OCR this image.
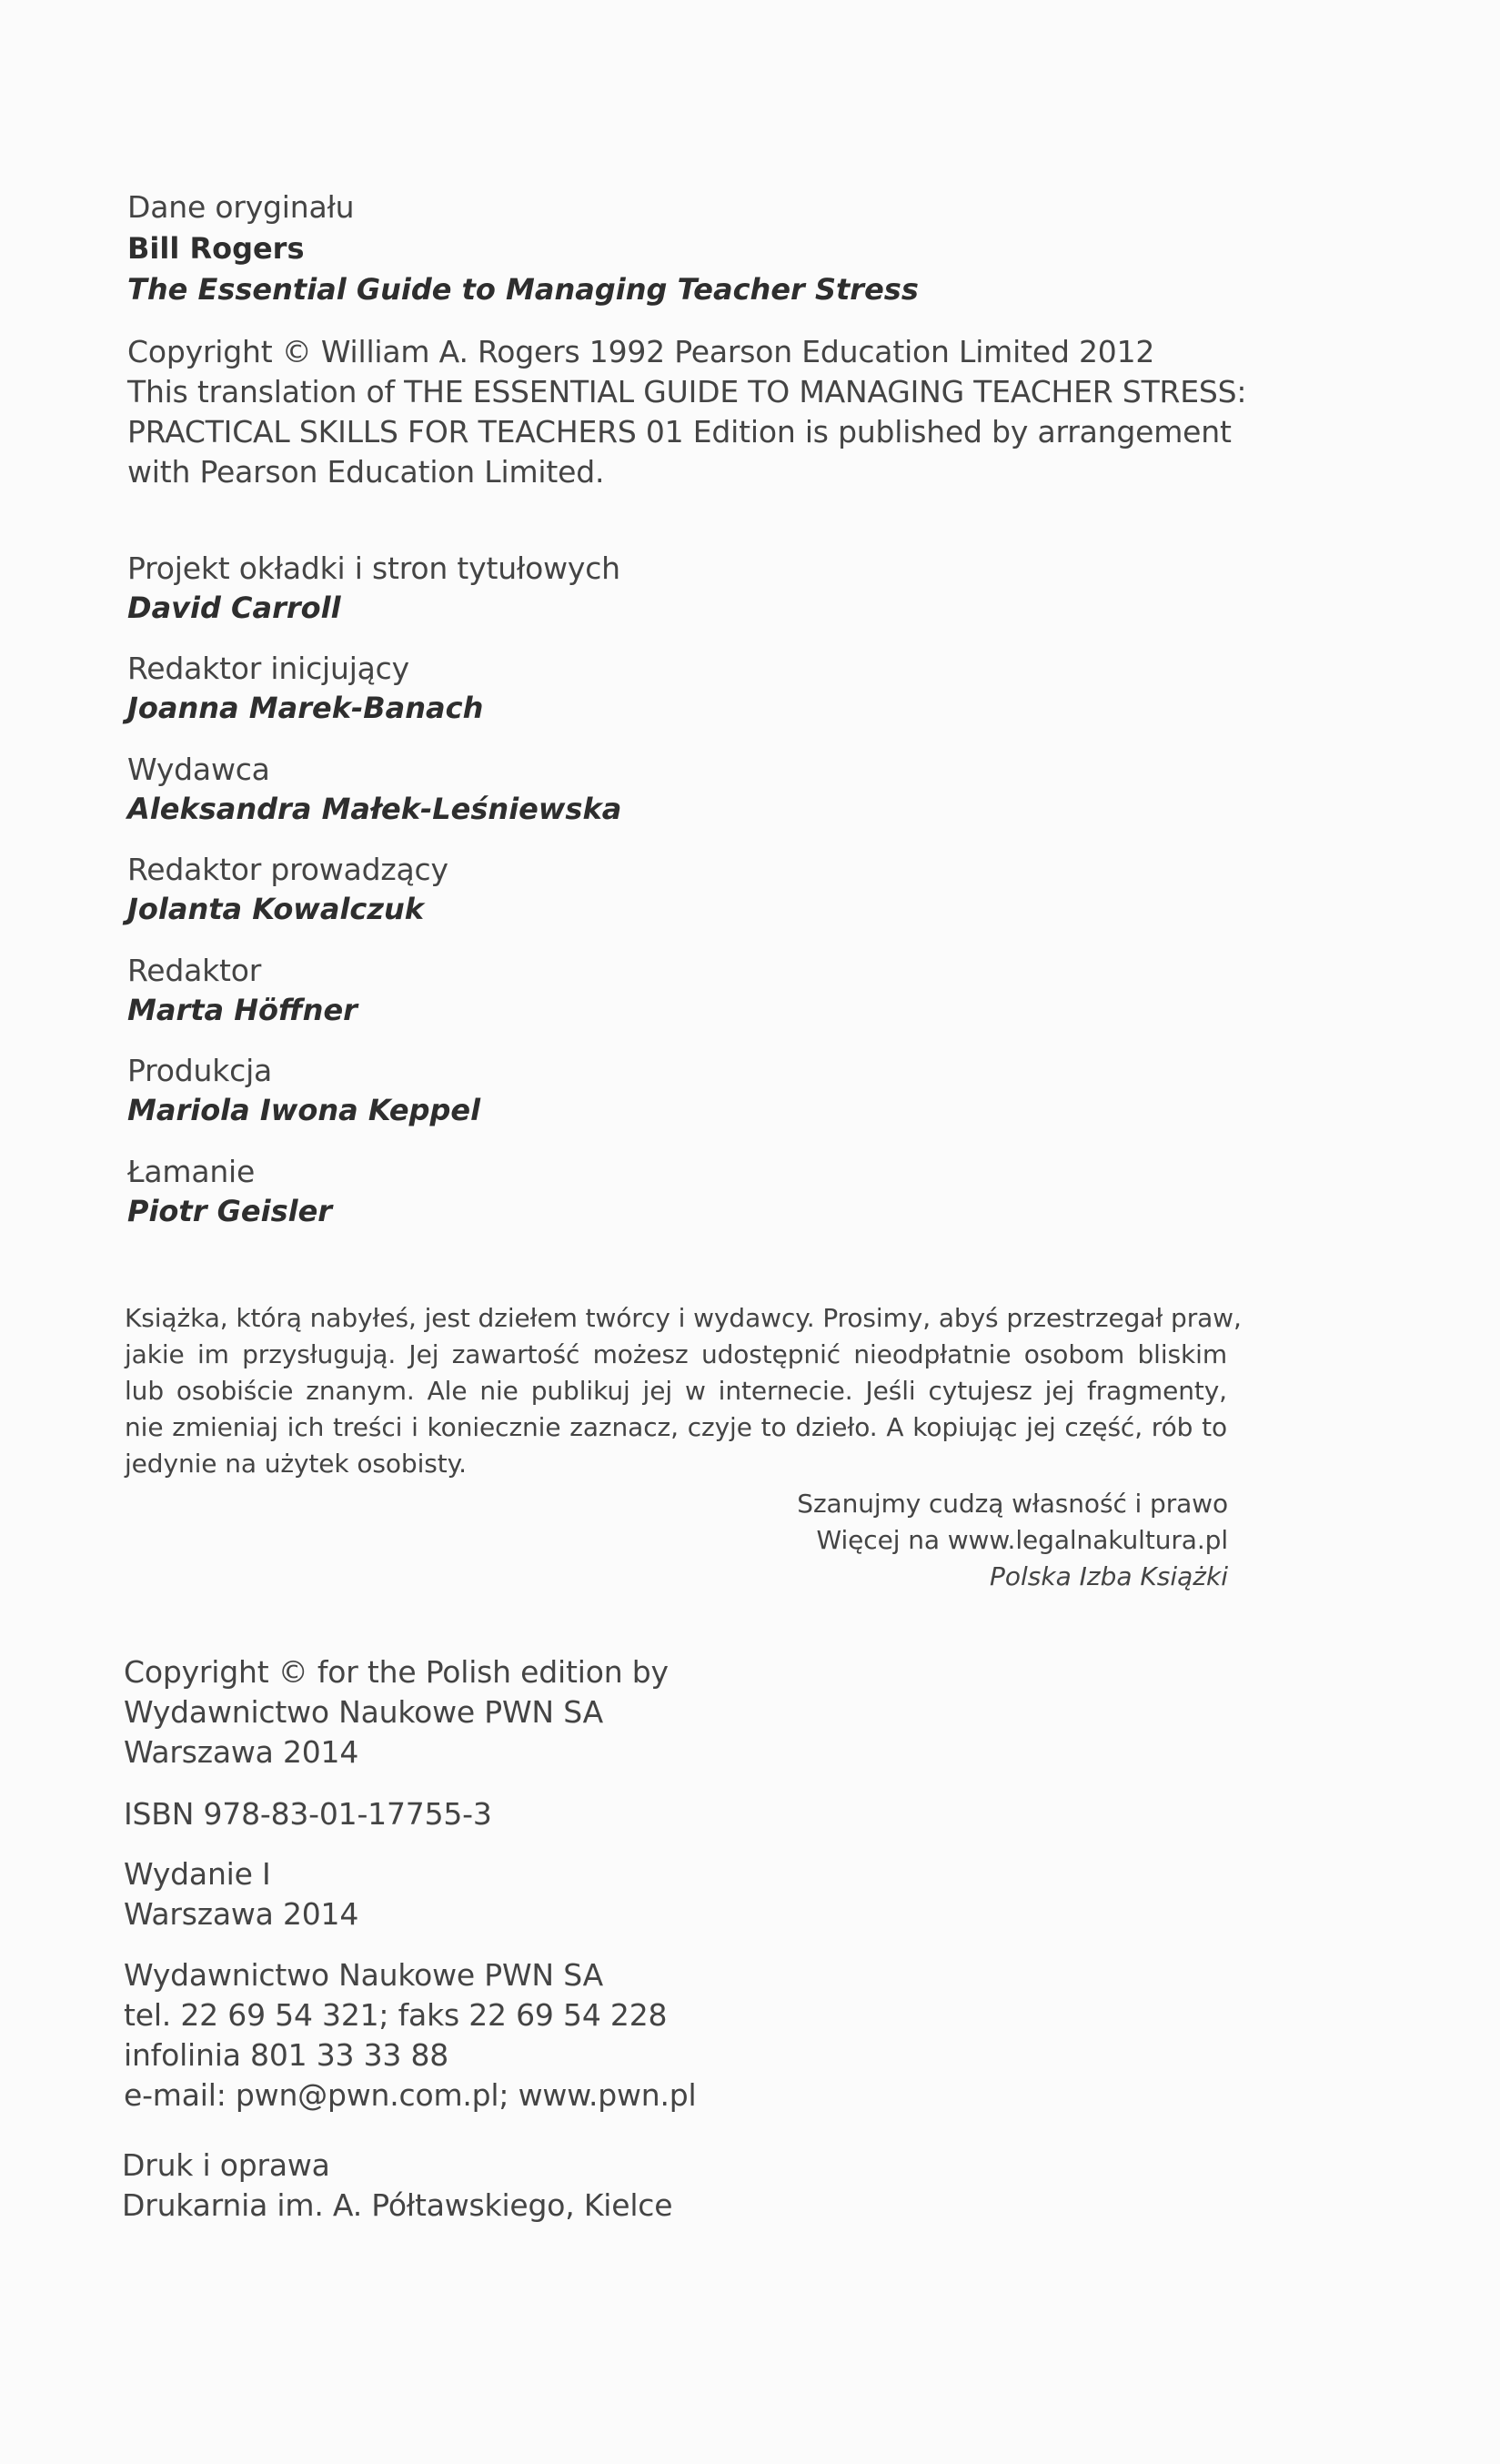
Dane oryginału

Bill Rogers

The Essential Guide to Managing Teacher Stress

Copyright © William A. Rogers 1992 Pearson Education Limited 2012

This translation of THE ESSENTIAL GUIDE TO MANAGING TEACHER STRESS:

PRACTICAL SKILLS FOR TEACHERS 01 Edition is published by arrangement

with Pearson Education Limited.

Projekt okładki i stron tytułowych

David Carroll

Redaktor inicjujący

Joanna Marek-Banach

Wydawca

Aleksandra Małek-Leśniewska

Redaktor prowadzący

Jolanta Kowalczuk

Redaktor

Marta Höffner

Produkcja

Mariola Iwona Keppel

Łamanie

Piotr Geisler

Książka, którą nabyłeś, jest dziełem twórcy i wydawcy. Prosimy, abyś przestrzegał praw,

jakie im przysługują. Jej zawartość możesz udostępnić nieodpłatnie osobom bliskim

lub osobiście znanym. Ale nie publikuj jej w internecie. Jeśli cytujesz jej fragmenty,

nie zmieniaj ich treści i koniecznie zaznacz, czyje to dzieło. A kopiując jej część, rób to

jedynie na użytek osobisty.

Szanujmy cudzą własność i prawo

Więcej na www.legalnakultura.pl

Polska Izba Książki

Copyright © for the Polish edition by

Wydawnictwo Naukowe PWN SA

Warszawa 2014

ISBN 978-83-01-17755-3

Wydanie I

Warszawa 2014

Wydawnictwo Naukowe PWN SA

tel. 22 69 54 321; faks 22 69 54 228

infolinia 801 33 33 88

e-mail: pwn@pwn.com.pl; www.pwn.pl

Druk i oprawa

Drukarnia im. A. Półtawskiego, Kielce
